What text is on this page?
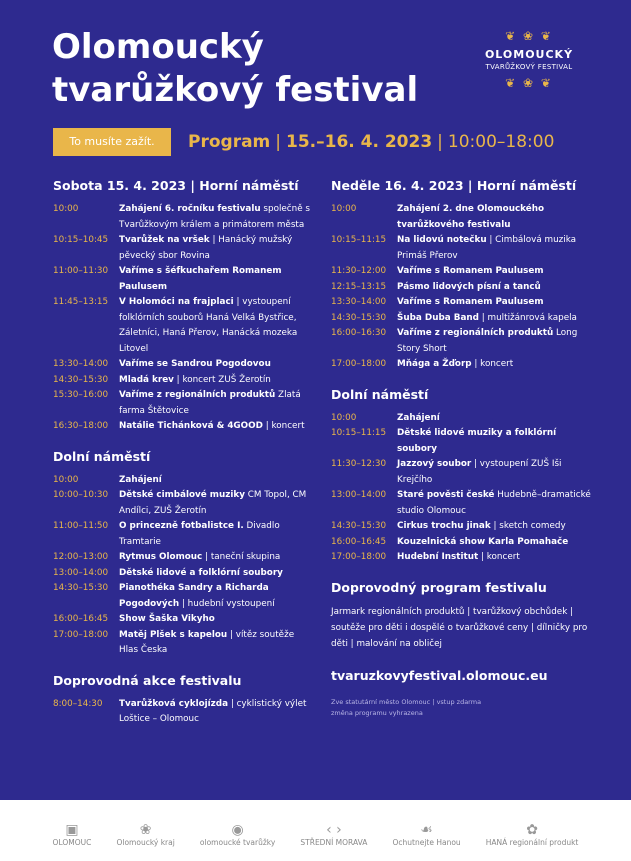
Olomoucký
tvarůžkový festival
❦ ❀ ❦
OLOMOUCKÝ
TVARŮŽKOVÝ FESTIVAL
❦ ❀ ❦
To musíte zažít.	Program | 15.–16. 4. 2023 | 10:00–18:00
Sobota 15. 4. 2023 | Horní náměstí
10:00	Zahájení 6. ročníku festivalu společně s Tvarůžkovým králem a primátorem města
10:15–10:45	Tvarůžek na vršek | Hanácký mužský pěvecký sbor Rovina
11:00–11:30	Vaříme s šéfkuchařem Romanem Paulusem
11:45–13:15	V Holomóci na frajplaci | vystoupení folklórních souborů Haná Velká Bystřice, Záletníci, Haná Přerov, Hanácká mozeka Litovel
13:30–14:00	Vaříme se Sandrou Pogodovou
14:30–15:30	Mladá krev | koncert ZUŠ Žerotín
15:30–16:00	Vaříme z regionálních produktů Zlatá farma Štětovice
16:30–18:00	Natálie Tichánková & 4GOOD | koncert
Dolní náměstí
10:00	Zahájení
10:00–10:30	Dětské cimbálové muziky CM Topol, CM Andílci, ZUŠ Žerotín
11:00–11:50	O princezně fotbalistce I. Divadlo Tramtarie
12:00–13:00	Rytmus Olomouc | taneční skupina
13:00–14:00	Dětské lidové a folklórní soubory
14:30–15:30	Pianothéka Sandry a Richarda Pogodových | hudební vystoupení
16:00–16:45	Show Šaška Vikyho
17:00–18:00	Matěj Plšek s kapelou | vítěz soutěže Hlas Česka
Doprovodná akce festivalu
8:00–14:30	Tvarůžková cyklojízda | cyklistický výlet Loštice – Olomouc
Neděle 16. 4. 2023 | Horní náměstí
10:00	Zahájení 2. dne Olomouckého tvarůžkového festivalu
10:15–11:15	Na lidovú notečku | Cimbálová muzika Primáš Přerov
11:30–12:00	Vaříme s Romanem Paulusem
12:15–13:15	Pásmo lidových písní a tanců
13:30–14:00	Vaříme s Romanem Paulusem
14:30–15:30	Šuba Duba Band | multižánrová kapela
16:00–16:30	Vaříme z regionálních produktů Long Story Short
17:00–18:00	Mňága a Žďorp | koncert
Dolní náměstí
10:00	Zahájení
10:15–11:15	Dětské lidové muziky a folklórní soubory
11:30–12:30	Jazzový soubor | vystoupení ZUŠ Iši Krejčího
13:00–14:00	Staré pověsti české Hudebně–dramatické studio Olomouc
14:30–15:30	Cirkus trochu jinak | sketch comedy
16:00–16:45	Kouzelnická show Karla Pomahače
17:00–18:00	Hudební Institut | koncert
Doprovodný program festivalu
Jarmark regionálních produktů | tvarůžkový obchůdek | soutěže pro děti i dospělé o tvarůžkové ceny | dílničky pro děti | malování na obličej
tvaruzkovyfestival.olomouc.eu
Zve statutární město Olomouc | vstup zdarma
změna programu vyhrazena
▣
OLOMOUC
❀
Olomoucký kraj
◉
olomoucké tvarůžky
‹ ›
STŘEDNÍ MORAVA
☙
Ochutnejte Hanou
✿
HANÁ regionální produkt
